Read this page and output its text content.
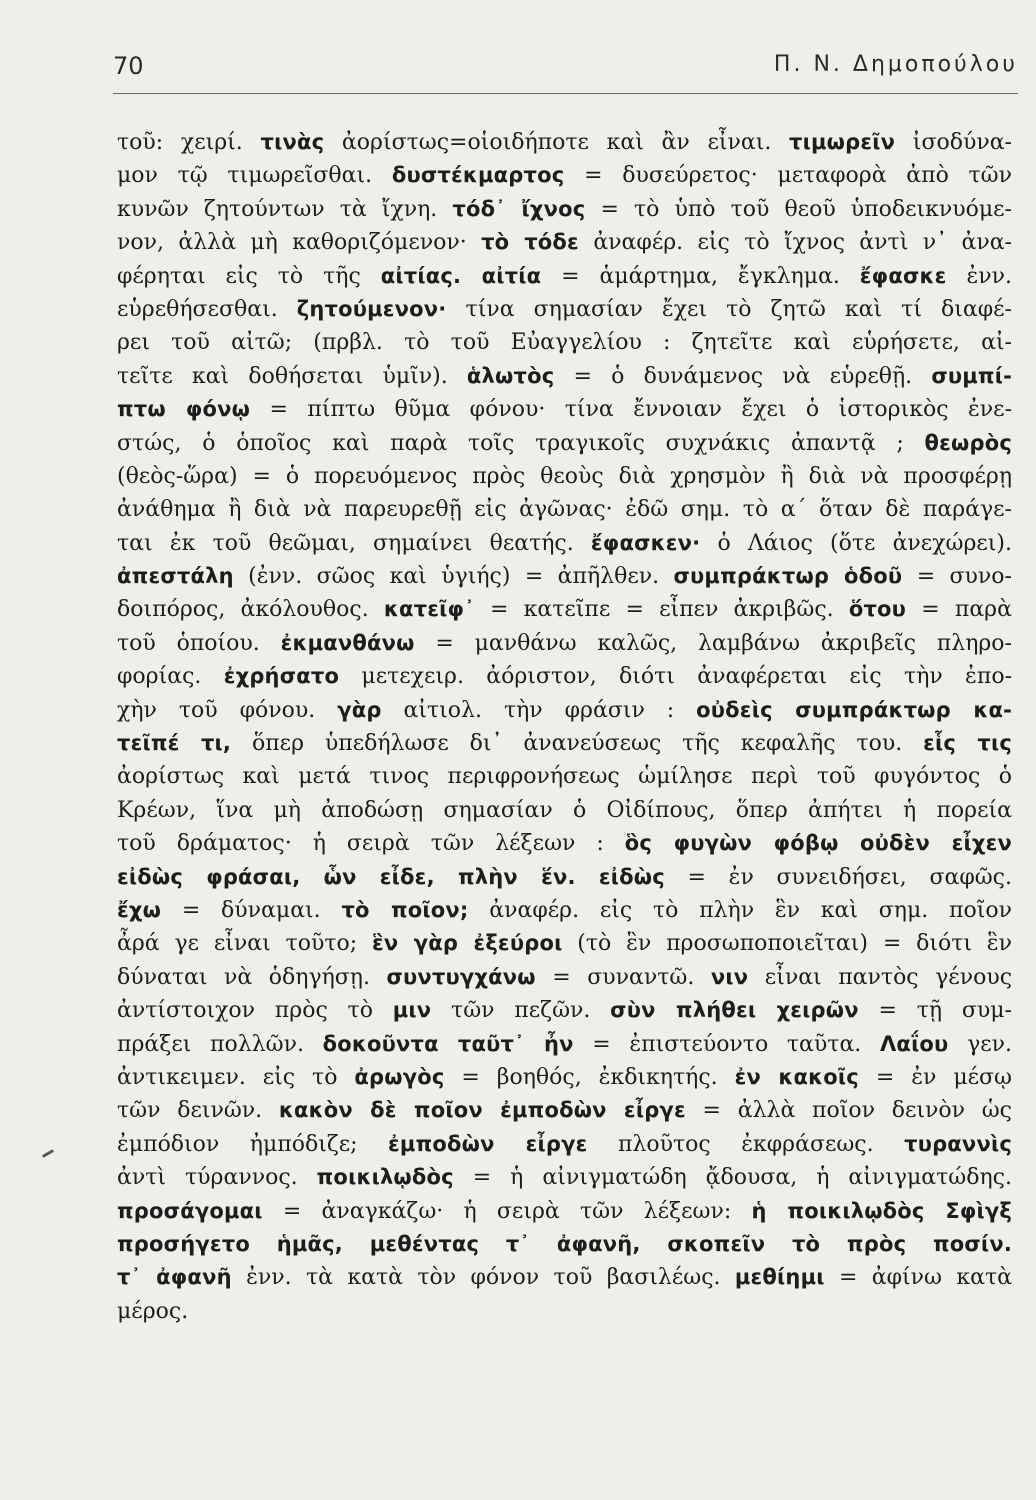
70	Π. Ν. Δημοπούλου
τοῦ: χειρί. τινὰς ἀορίστως=οἱοιδήποτε καὶ ἂν εἶναι. τιμωρεῖν ἰσοδύνα-
μον τῷ τιμωρεῖσθαι. δυστέκμαρτος = δυσεύρετος· μεταφορὰ ἀπὸ τῶν
κυνῶν ζητούντων τὰ ἴχνη. τόδ᾽ ἴχνος = τὸ ὑπὸ τοῦ θεοῦ ὑποδεικνυόμε-
νον, ἀλλὰ μὴ καθοριζόμενον· τὸ τόδε ἀναφέρ. εἰς τὸ ἴχνος ἀντὶ ν᾽ ἀνα-
φέρηται εἰς τὸ τῆς αἰτίας. αἰτία = ἁμάρτημα, ἔγκλημα. ἔφασκε ἐνν.
εὑρεθήσεσθαι. ζητούμενον· τίνα σημασίαν ἔχει τὸ ζητῶ καὶ τί διαφέ-
ρει τοῦ αἰτῶ; (πρβλ. τὸ τοῦ Εὐαγγελίου : ζητεῖτε καὶ εὑρήσετε, αἰ-
τεῖτε καὶ δοθήσεται ὑμῖν). ἁλωτὸς = ὁ δυνάμενος νὰ εὑρεθῇ. συμπί-
πτω φόνῳ = πίπτω θῦμα φόνου· τίνα ἔννοιαν ἔχει ὁ ἱστορικὸς ἐνε-
στώς, ὁ ὁποῖος καὶ παρὰ τοῖς τραγικοῖς συχνάκις ἀπαντᾷ ; θεωρὸς
(θεὸς-ὥρα) = ὁ πορευόμενος πρὸς θεοὺς διὰ χρησμὸν ἢ διὰ νὰ προσφέρῃ
ἀνάθημα ἢ διὰ νὰ παρευρεθῇ εἰς ἀγῶνας· ἐδῶ σημ. τὸ α΄ ὅταν δὲ παράγε-
ται ἐκ τοῦ θεῶμαι, σημαίνει θεατής. ἔφασκεν· ὁ Λάιος (ὅτε ἀνεχώρει).
ἀπεστάλη (ἐνν. σῶος καὶ ὑγιής) = ἀπῆλθεν. συμπράκτωρ ὁδοῦ = συνο-
δοιπόρος, ἀκόλουθος. κατεῖφ᾽ = κατεῖπε = εἶπεν ἀκριβῶς. ὅτου = παρὰ
τοῦ ὁποίου. ἐκμανθάνω = μανθάνω καλῶς, λαμβάνω ἀκριβεῖς πληρο-
φορίας. ἐχρήσατο μετεχειρ. ἀόριστον, διότι ἀναφέρεται εἰς τὴν ἐπο-
χὴν τοῦ φόνου. γὰρ αἰτιολ. τὴν φράσιν : οὐδεὶς συμπράκτωρ κα-
τεῖπέ τι, ὅπερ ὑπεδήλωσε δι᾽ ἀνανεύσεως τῆς κεφαλῆς του. εἷς τις
ἀορίστως καὶ μετά τινος περιφρονήσεως ὡμίλησε περὶ τοῦ φυγόντος ὁ
Κρέων, ἵνα μὴ ἀποδώσῃ σημασίαν ὁ Οἰδίπους, ὅπερ ἀπήτει ἡ πορεία
τοῦ δράματος· ἡ σειρὰ τῶν λέξεων : ὃς φυγὼν φόβῳ οὐδὲν εἶχεν
εἰδὼς φράσαι, ὧν εἶδε, πλὴν ἕν. εἰδὼς = ἐν συνειδήσει, σαφῶς.
ἔχω = δύναμαι. τὸ ποῖον; ἀναφέρ. εἰς τὸ πλὴν ἓν καὶ σημ. ποῖον
ἆρά γε εἶναι τοῦτο; ἓν γὰρ ἐξεύροι (τὸ ἓν προσωποποιεῖται) = διότι ἓν
δύναται νὰ ὁδηγήσῃ. συντυγχάνω = συναντῶ. νιν εἶναι παντὸς γένους
ἀντίστοιχον πρὸς τὸ μιν τῶν πεζῶν. σὺν πλήθει χειρῶν = τῇ συμ-
πράξει πολλῶν. δοκοῦντα ταῦτ᾽ ἦν = ἐπιστεύοντο ταῦτα. Λαΐου γεν.
ἀντικειμεν. εἰς τὸ ἀρωγὸς = βοηθός, ἐκδικητής. ἐν κακοῖς = ἐν μέσῳ
τῶν δεινῶν. κακὸν δὲ ποῖον ἐμποδὼν εἶργε = ἀλλὰ ποῖον δεινὸν ὡς
ἐμπόδιον ἠμπόδιζε; ἐμποδὼν εἶργε πλοῦτος ἐκφράσεως. τυραννὶς
ἀντὶ τύραννος. ποικιλῳδὸς = ἡ αἰνιγματώδη ᾄδουσα, ἡ αἰνιγματώδης.
προσάγομαι = ἀναγκάζω· ἡ σειρὰ τῶν λέξεων: ἡ ποικιλῳδὸς Σφὶγξ
προσήγετο ἡμᾶς, μεθέντας τ᾽ ἀφανῆ, σκοπεῖν τὸ πρὸς ποσίν.
τ᾽ ἀφανῆ ἐνν. τὰ κατὰ τὸν φόνον τοῦ βασιλέως. μεθίημι = ἀφίνω κατὰ
μέρος.
